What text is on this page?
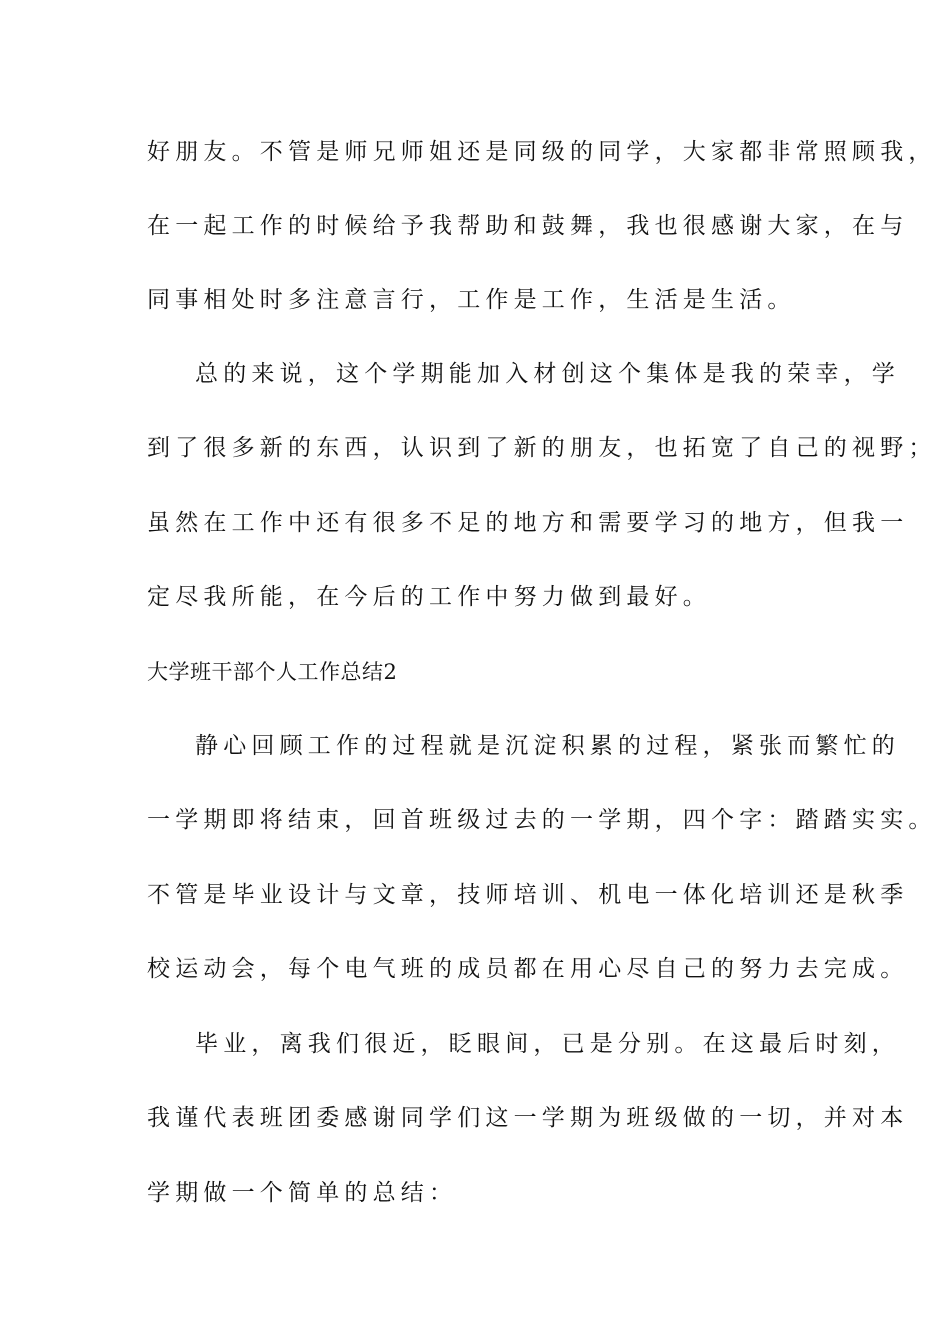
好朋友。不管是师兄师姐还是同级的同学，大家都非常照顾我，
在一起工作的时候给予我帮助和鼓舞，我也很感谢大家，在与
同事相处时多注意言行，工作是工作，生活是生活。
总的来说，这个学期能加入材创这个集体是我的荣幸，学
到了很多新的东西，认识到了新的朋友，也拓宽了自己的视野；
虽然在工作中还有很多不足的地方和需要学习的地方，但我一
定尽我所能，在今后的工作中努力做到最好。
大学班干部个人工作总结2
静心回顾工作的过程就是沉淀积累的过程，紧张而繁忙的
一学期即将结束，回首班级过去的一学期，四个字：踏踏实实。
不管是毕业设计与文章，技师培训、机电一体化培训还是秋季
校运动会，每个电气班的成员都在用心尽自己的努力去完成。
毕业，离我们很近，眨眼间，已是分别。在这最后时刻，
我谨代表班团委感谢同学们这一学期为班级做的一切，并对本
学期做一个简单的总结：
